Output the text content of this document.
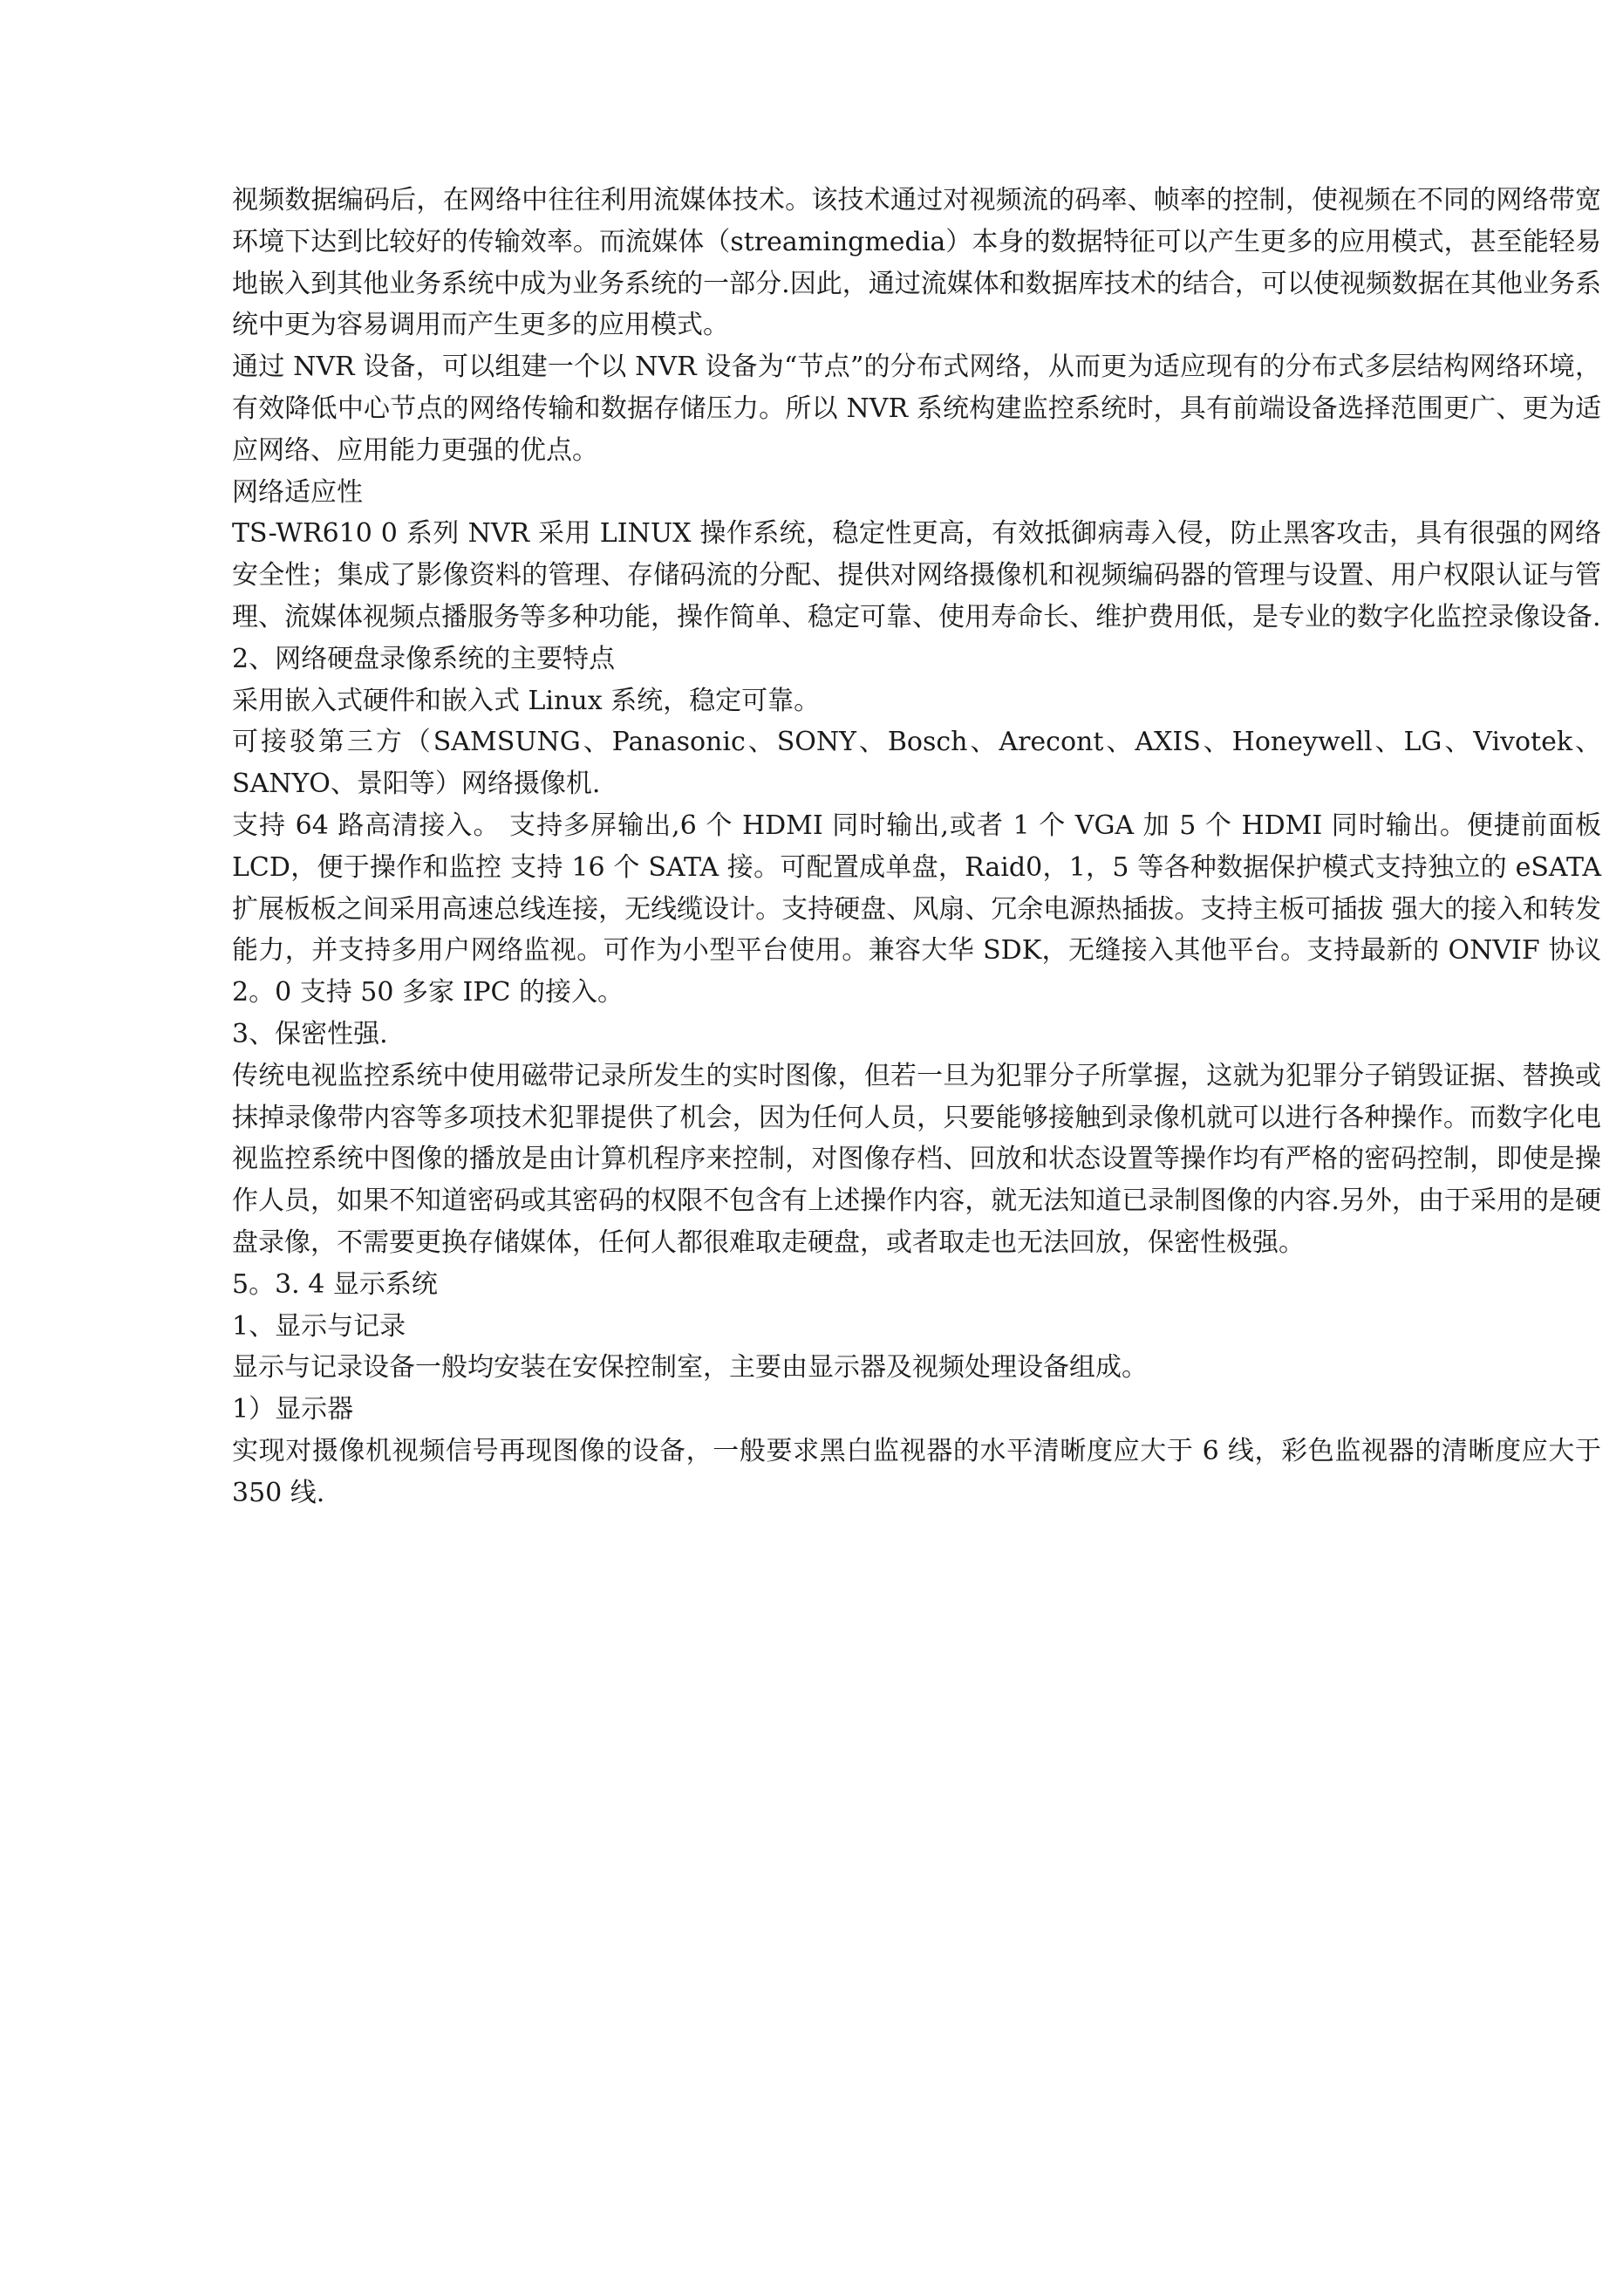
视频数据编码后，在网络中往往利用流媒体技术。该技术通过对视频流的码率、帧率的控制，使视频在不同的网络带宽环境下达到比较好的传输效率。而流媒体（streamingmedia）本身的数据特征可以产生更多的应用模式，甚至能轻易地嵌入到其他业务系统中成为业务系统的一部分.因此，通过流媒体和数据库技术的结合，可以使视频数据在其他业务系统中更为容易调用而产生更多的应用模式。

通过 NVR 设备，可以组建一个以 NVR 设备为“节点”的分布式网络，从而更为适应现有的分布式多层结构网络环境，有效降低中心节点的网络传输和数据存储压力。所以 NVR 系统构建监控系统时，具有前端设备选择范围更广、更为适应网络、应用能力更强的优点。

网络适应性

TS-WR610 0 系列 NVR 采用 LINUX 操作系统，稳定性更高，有效抵御病毒入侵，防止黑客攻击，具有很强的网络安全性；集成了影像资料的管理、存储码流的分配、提供对网络摄像机和视频编码器的管理与设置、用户权限认证与管理、流媒体视频点播服务等多种功能，操作简单、稳定可靠、使用寿命长、维护费用低，是专业的数字化监控录像设备.

2、网络硬盘录像系统的主要特点

采用嵌入式硬件和嵌入式 Linux 系统，稳定可靠。

可接驳第三方（SAMSUNG、Panasonic、SONY、Bosch、Arecont、AXIS、Honeywell、LG、Vivotek、SANYO、景阳等）网络摄像机.

支持 64 路高清接入。 支持多屏输出,6 个 HDMI 同时输出,或者 1 个 VGA 加 5 个 HDMI 同时输出。便捷前面板 LCD，便于操作和监控 支持 16 个 SATA 接。可配置成单盘，Raid0，1，5 等各种数据保护模式支持独立的 eSATA 扩展板板之间采用高速总线连接，无线缆设计。支持硬盘、风扇、冗余电源热插拔。支持主板可插拔 强大的接入和转发能力，并支持多用户网络监视。可作为小型平台使用。兼容大华 SDK，无缝接入其他平台。支持最新的 ONVIF 协议 2。0 支持 50 多家 IPC 的接入。

3、保密性强.

传统电视监控系统中使用磁带记录所发生的实时图像，但若一旦为犯罪分子所掌握，这就为犯罪分子销毁证据、替换或抹掉录像带内容等多项技术犯罪提供了机会，因为任何人员，只要能够接触到录像机就可以进行各种操作。而数字化电视监控系统中图像的播放是由计算机程序来控制，对图像存档、回放和状态设置等操作均有严格的密码控制，即使是操作人员，如果不知道密码或其密码的权限不包含有上述操作内容，就无法知道已录制图像的内容.另外，由于采用的是硬盘录像，不需要更换存储媒体，任何人都很难取走硬盘，或者取走也无法回放，保密性极强。

5。3. 4 显示系统

1、显示与记录

显示与记录设备一般均安装在安保控制室，主要由显示器及视频处理设备组成。

1）显示器

实现对摄像机视频信号再现图像的设备，一般要求黑白监视器的水平清晰度应大于 6 线，彩色监视器的清晰度应大于 350 线.
